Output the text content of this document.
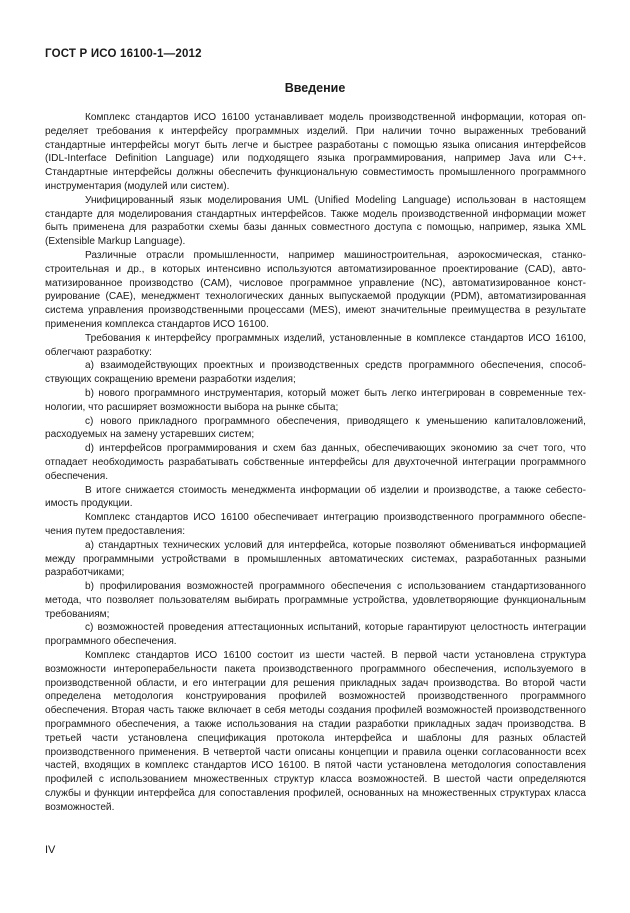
ГОСТ Р ИСО 16100-1—2012
Введение

Комплекс стандартов ИСО 16100 устанавливает модель производственной информации, которая определяет требования к интерфейсу программных изделий. При наличии точно выраженных требований стандартные интерфейсы могут быть легче и быстрее разработаны с помощью языка описания интерфейсов (IDL-Interface Definition Language) или подходящего языка программирования, например Java или C++. Стандартные интерфейсы должны обеспечить функциональную совместимость промышленного программного инструментария (модулей или систем).

Унифицированный язык моделирования UML (Unified Modeling Language) использован в настоящем стандарте для моделирования стандартных интерфейсов. Также модель производственной информации может быть применена для разработки схемы базы данных совместного доступа с помощью, например, языка XML (Extensible Markup Language).

Различные отрасли промышленности, например машиностроительная, аэрокосмическая, станкостроительная и др., в которых интенсивно используются автоматизированное проектирование (CAD), автоматизированное производство (CAM), числовое программное управление (NC), автоматизированное конструирование (CAE), менеджмент технологических данных выпускаемой продукции (PDM), автоматизированная система управления производственными процессами (MES), имеют значительные преимущества в результате применения комплекса стандартов ИСО 16100.

Требования к интерфейсу программных изделий, установленные в комплексе стандартов ИСО 16100, облегчают разработку:

a) взаимодействующих проектных и производственных средств программного обеспечения, способствующих сокращению времени разработки изделия;

b) нового программного инструментария, который может быть легко интегрирован в современные технологии, что расширяет возможности выбора на рынке сбыта;

c) нового прикладного программного обеспечения, приводящего к уменьшению капиталовложений, расходуемых на замену устаревших систем;

d) интерфейсов программирования и схем баз данных, обеспечивающих экономию за счет того, что отпадает необходимость разрабатывать собственные интерфейсы для двухточечной интеграции программного обеспечения.

В итоге снижается стоимость менеджмента информации об изделии и производстве, а также себестоимость продукции.

Комплекс стандартов ИСО 16100 обеспечивает интеграцию производственного программного обеспечения путем предоставления:

a) стандартных технических условий для интерфейса, которые позволяют обмениваться информацией между программными устройствами в промышленных автоматических системах, разработанных разными разработчиками;

b) профилирования возможностей программного обеспечения с использованием стандартизованного метода, что позволяет пользователям выбирать программные устройства, удовлетворяющие функциональным требованиям;

c) возможностей проведения аттестационных испытаний, которые гарантируют целостность интеграции программного обеспечения.

Комплекс стандартов ИСО 16100 состоит из шести частей. В первой части установлена структура возможности интероперабельности пакета производственного программного обеспечения, используемого в производственной области, и его интеграции для решения прикладных задач производства. Во второй части определена методология конструирования профилей возможностей производственного программного обеспечения. Вторая часть также включает в себя методы создания профилей возможностей производственного программного обеспечения, а также использования на стадии разработки прикладных задач производства. В третьей части установлена спецификация протокола интерфейса и шаблоны для разных областей производственного применения. В четвертой части описаны концепции и правила оценки согласованности всех частей, входящих в комплекс стандартов ИСО 16100. В пятой части установлена методология сопоставления профилей с использованием множественных структур класса возможностей. В шестой части определяются службы и функции интерфейса для сопоставления профилей, основанных на множественных структурах класса возможностей.

IV
